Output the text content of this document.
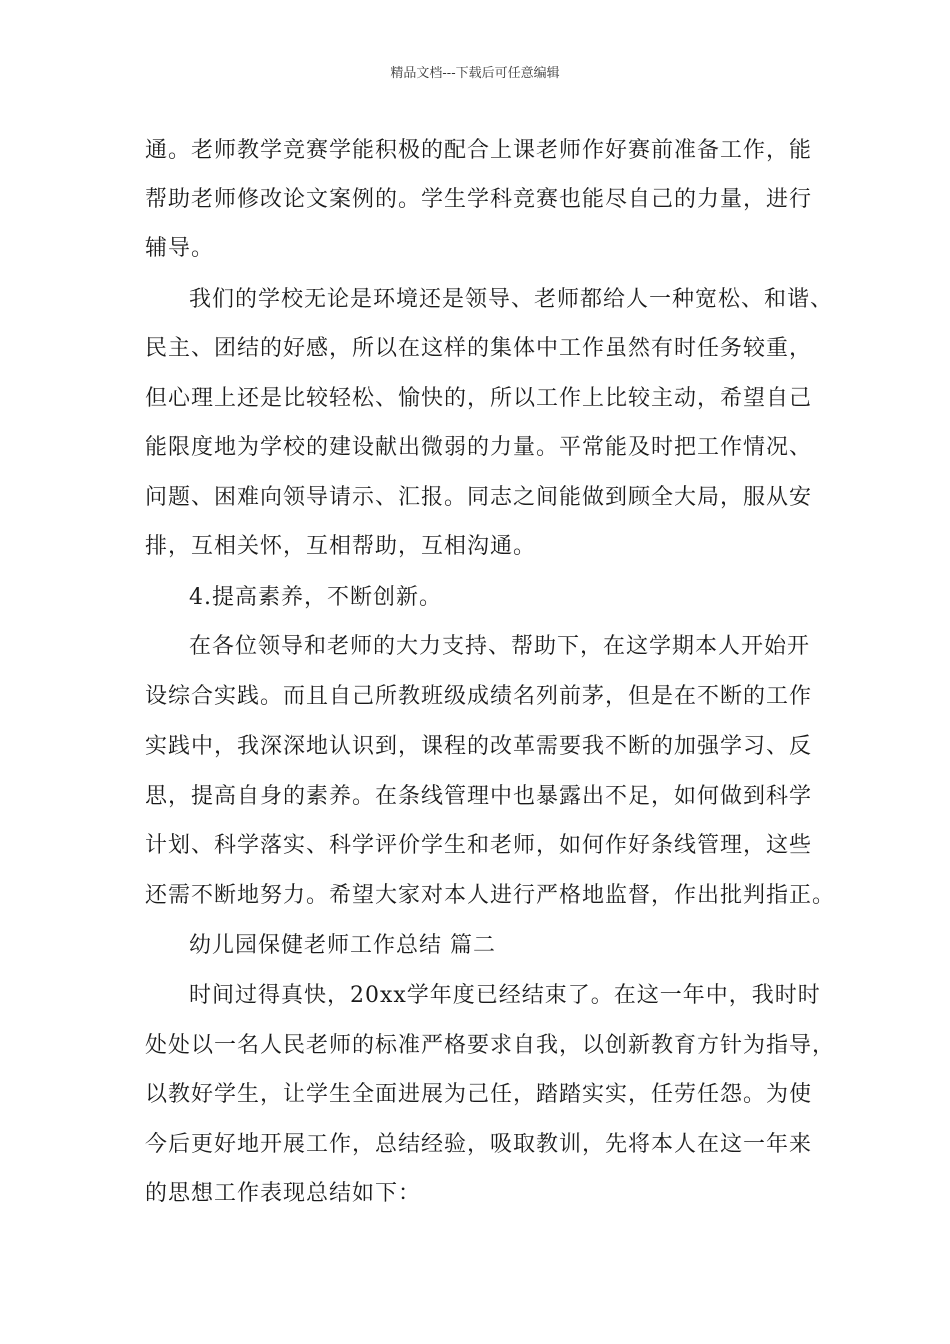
精品文档---下载后可任意编辑

通。老师教学竞赛学能积极的配合上课老师作好赛前准备工作，能

帮助老师修改论文案例的。学生学科竞赛也能尽自己的力量，进行

辅导。

我们的学校无论是环境还是领导、老师都给人一种宽松、和谐、

民主、团结的好感，所以在这样的集体中工作虽然有时任务较重，

但心理上还是比较轻松、愉快的，所以工作上比较主动，希望自己

能限度地为学校的建设献出微弱的力量。平常能及时把工作情况、

问题、困难向领导请示、汇报。同志之间能做到顾全大局，服从安

排，互相关怀，互相帮助，互相沟通。

4.提高素养，不断创新。

在各位领导和老师的大力支持、帮助下，在这学期本人开始开

设综合实践。而且自己所教班级成绩名列前茅，但是在不断的工作

实践中，我深深地认识到，课程的改革需要我不断的加强学习、反

思，提高自身的素养。在条线管理中也暴露出不足，如何做到科学

计划、科学落实、科学评价学生和老师，如何作好条线管理，这些

还需不断地努力。希望大家对本人进行严格地监督，作出批判指正。

幼儿园保健老师工作总结 篇二

时间过得真快，20xx学年度已经结束了。在这一年中，我时时

处处以一名人民老师的标准严格要求自我，以创新教育方针为指导，

以教好学生，让学生全面进展为己任，踏踏实实，任劳任怨。为使

今后更好地开展工作，总结经验，吸取教训，先将本人在这一年来

的思想工作表现总结如下：
